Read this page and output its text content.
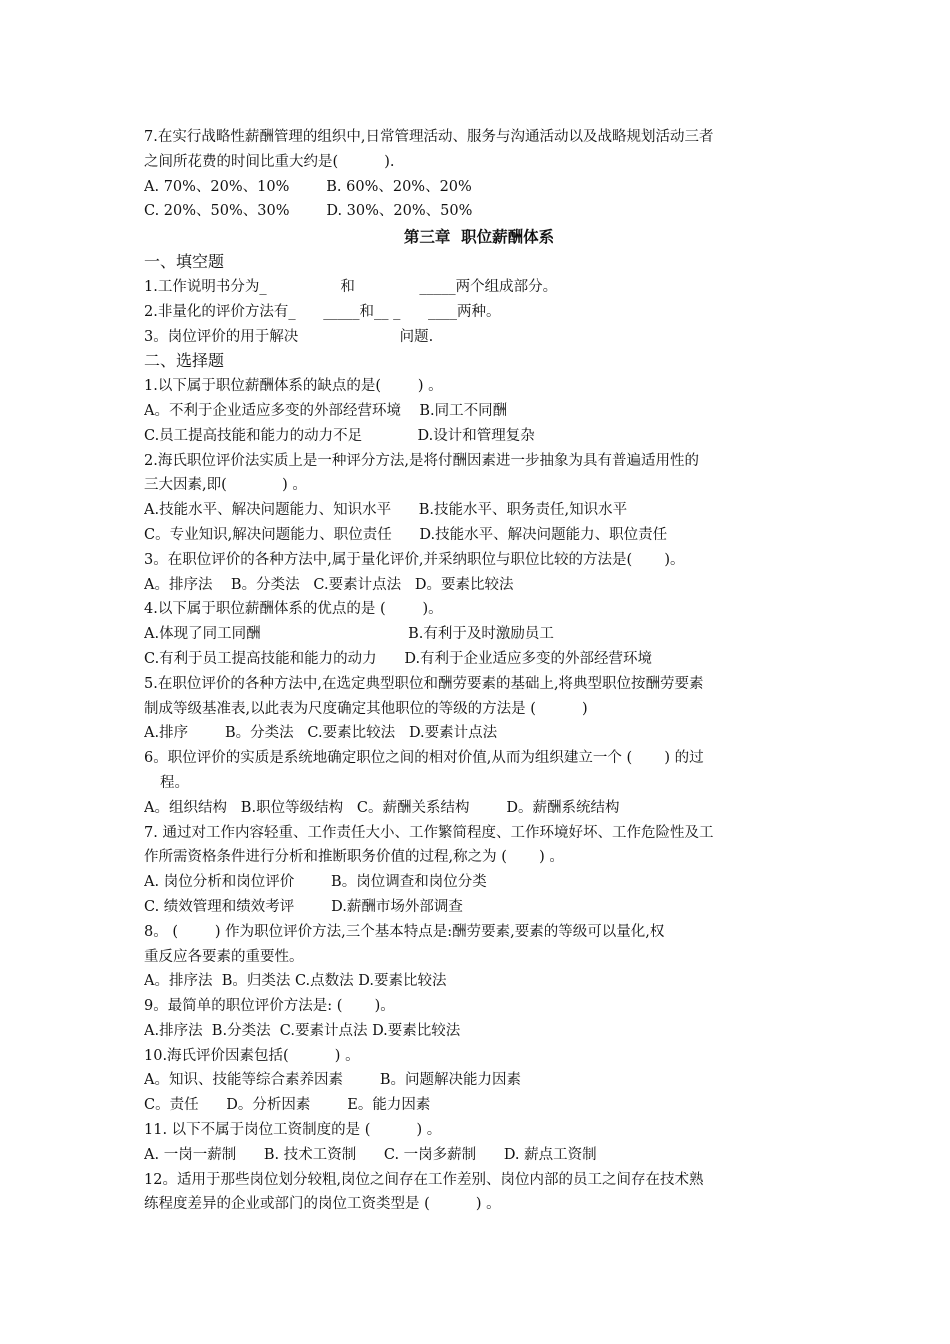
7.在实行战略性薪酬管理的组织中,日常管理活动、服务与沟通活动以及战略规划活动三者
之间所花费的时间比重大约是(          ).
A. 70%、20%、10%        B. 60%、20%、20%
C. 20%、50%、30%        D. 30%、20%、50%
第三章  职位薪酬体系
一、填空题
1.工作说明书分为_                和              _____两个组成部分。
2.非量化的评价方法有_      _____和__ _      ____两种。
3。岗位评价的用于解决                      问题.
二、选择题
1.以下属于职位薪酬体系的缺点的是(        ) 。
A。不利于企业适应多变的外部经营环境    B.同工不同酬
C.员工提高技能和能力的动力不足            D.设计和管理复杂
2.海氏职位评价法实质上是一种评分方法,是将付酬因素进一步抽象为具有普遍适用性的
三大因素,即(            ) 。
A.技能水平、解决问题能力、知识水平      B.技能水平、职务责任,知识水平
C。专业知识,解决问题能力、职位责任      D.技能水平、解决问题能力、职位责任
3。在职位评价的各种方法中,属于量化评价,并采纳职位与职位比较的方法是(       )。
A。排序法    B。分类法   C.要素计点法   D。要素比较法
4.以下属于职位薪酬体系的优点的是 (        )。
A.体现了同工同酬                                B.有利于及时激励员工
C.有利于员工提高技能和能力的动力      D.有利于企业适应多变的外部经营环境
5.在职位评价的各种方法中,在选定典型职位和酬劳要素的基础上,将典型职位按酬劳要素
制成等级基准表,以此表为尺度确定其他职位的等级的方法是 (          )
A.排序        B。分类法   C.要素比较法   D.要素计点法
6。职位评价的实质是系统地确定职位之间的相对价值,从而为组织建立一个 (       ) 的过
程。
A。组织结构   B.职位等级结构   C。薪酬关系结构        D。薪酬系统结构
7. 通过对工作内容轻重、工作责任大小、工作繁简程度、工作环境好坏、工作危险性及工
作所需资格条件进行分析和推断职务价值的过程,称之为 (       ) 。
A. 岗位分析和岗位评价        B。岗位调查和岗位分类
C. 绩效管理和绩效考评        D.薪酬市场外部调查
8。 (        ) 作为职位评价方法,三个基本特点是:酬劳要素,要素的等级可以量化,权
重反应各要素的重要性。
A。排序法  B。归类法 C.点数法 D.要素比较法
9。最简单的职位评价方法是: (       )。
A.排序法  B.分类法  C.要素计点法 D.要素比较法
10.海氏评价因素包括(          ) 。
A。知识、技能等综合素养因素        B。问题解决能力因素
C。责任      D。分析因素        E。能力因素
11. 以下不属于岗位工资制度的是 (          ) 。
A. 一岗一薪制      B. 技术工资制      C. 一岗多薪制      D. 薪点工资制
12。适用于那些岗位划分较粗,岗位之间存在工作差别、岗位内部的员工之间存在技术熟
练程度差异的企业或部门的岗位工资类型是 (          ) 。
